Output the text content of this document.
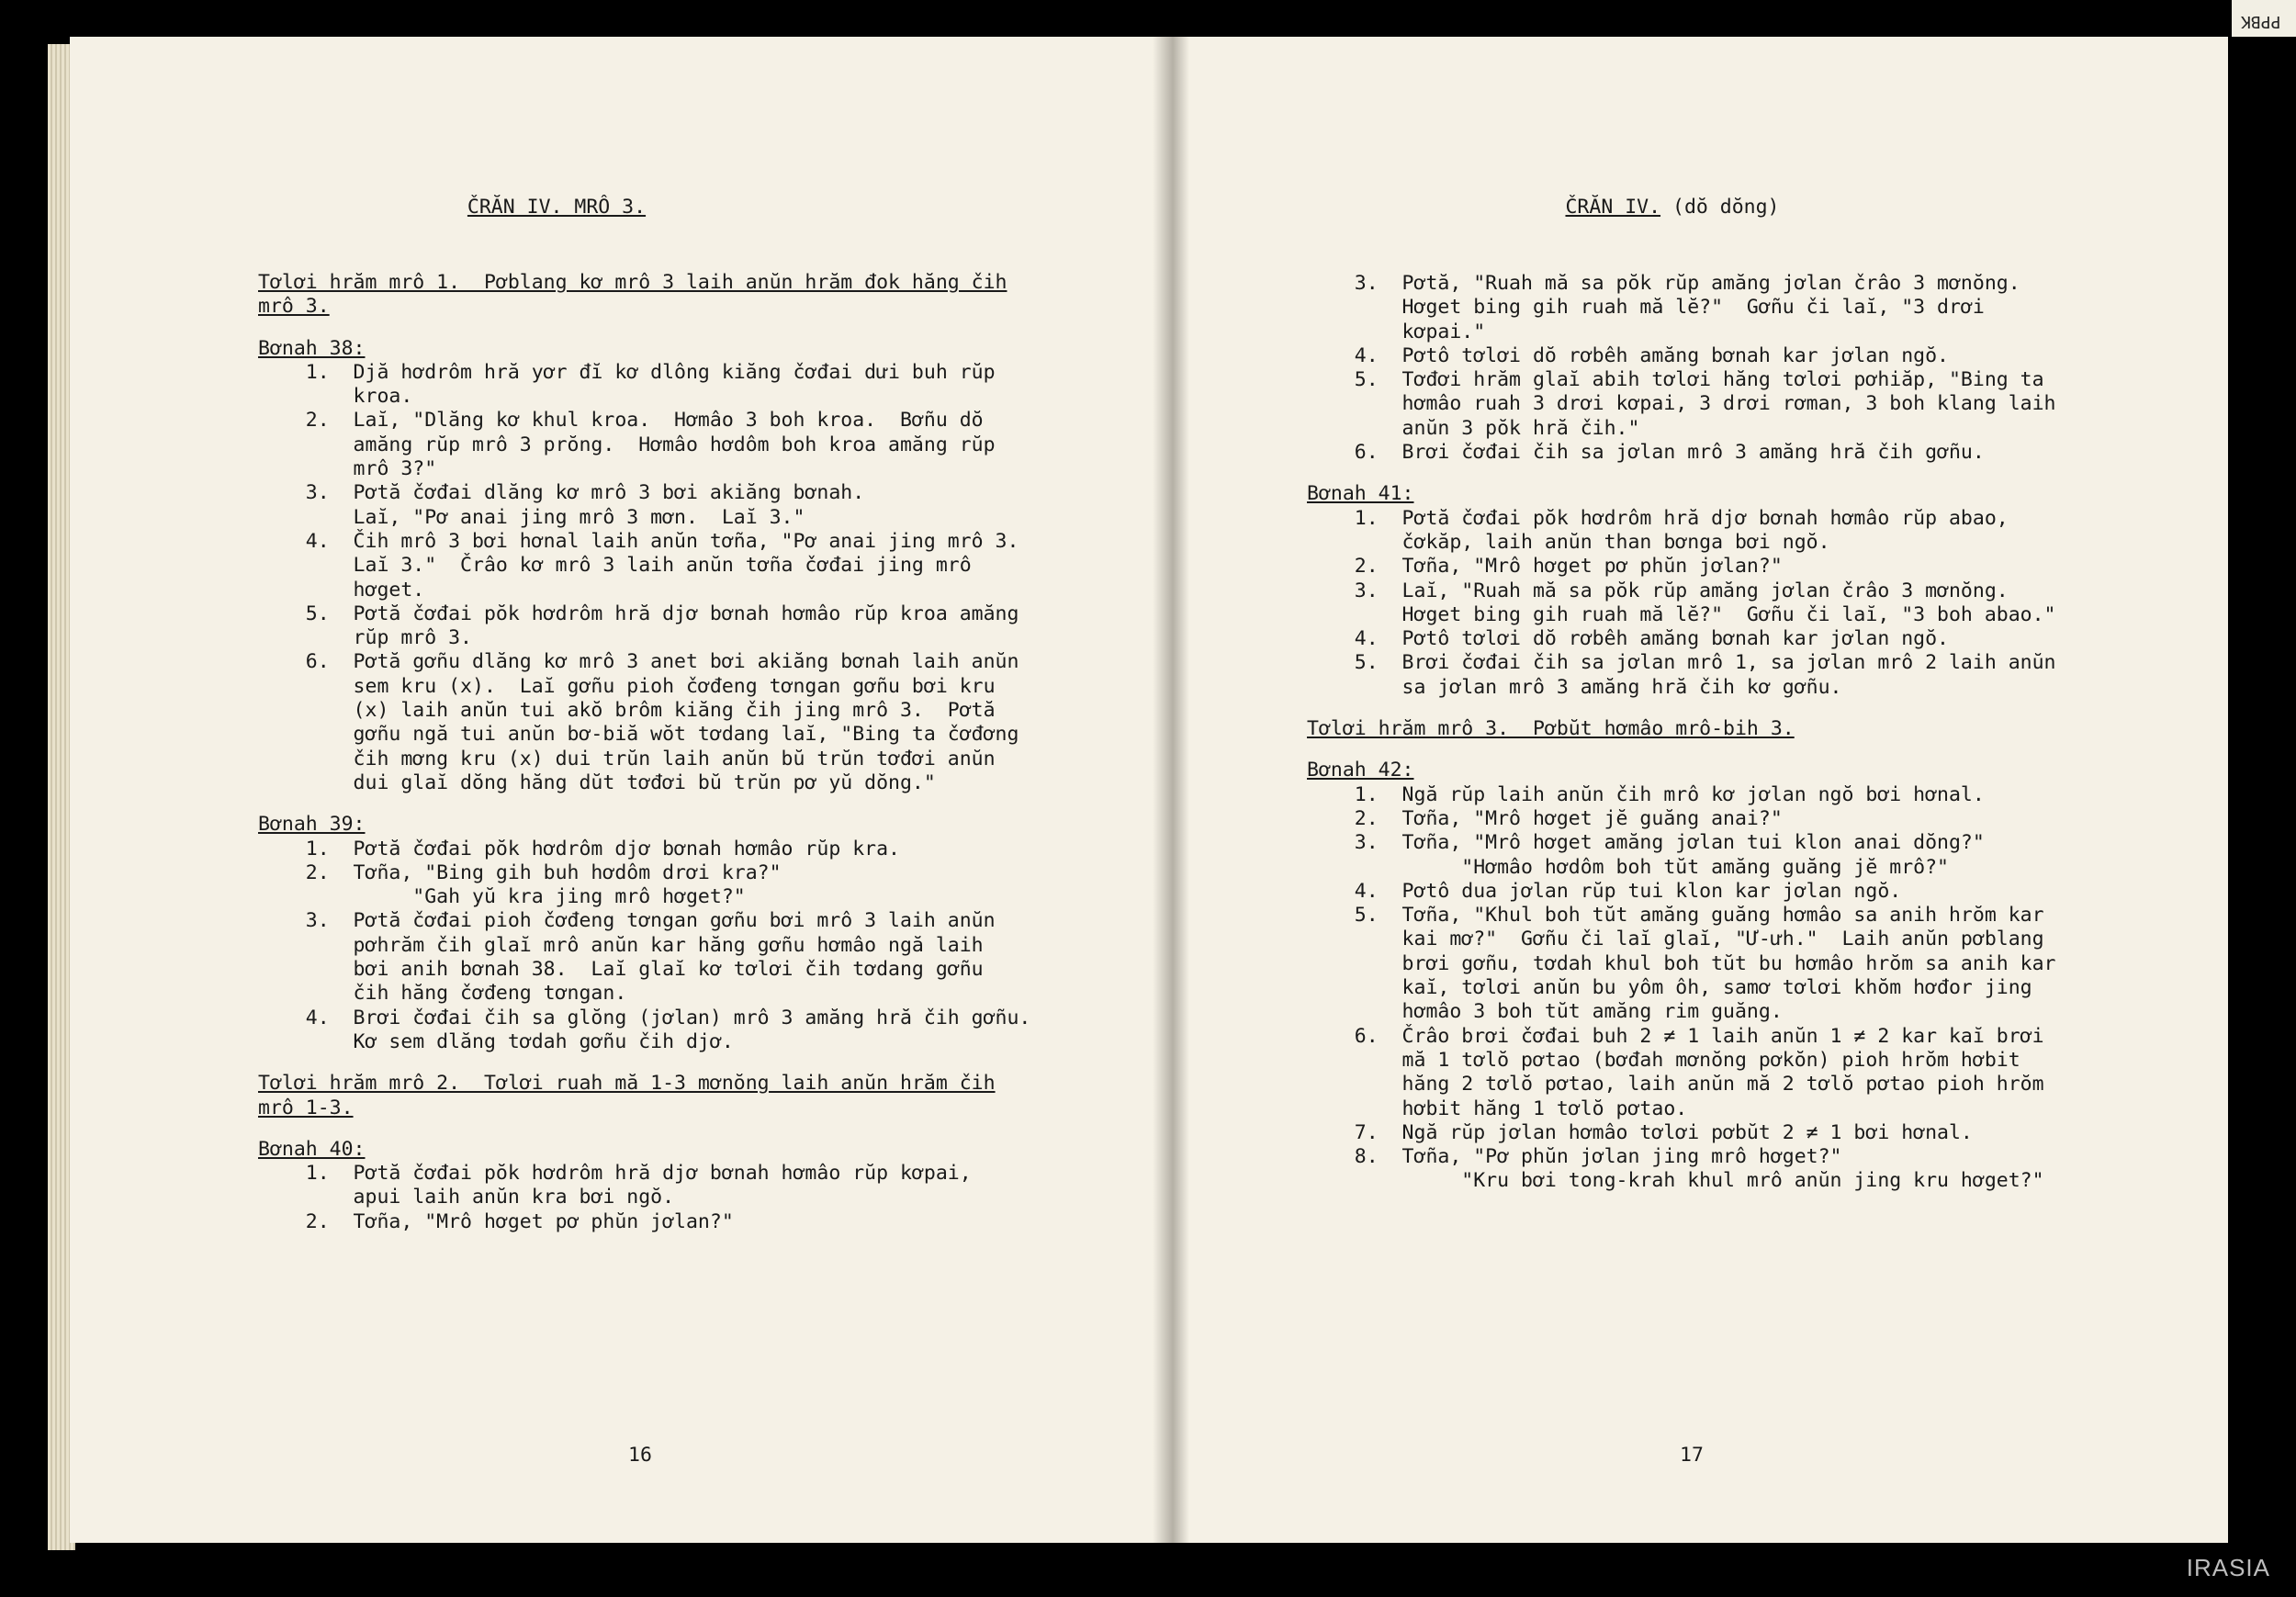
ČRĂN IV. MRÔ 3.
Tơlơi hrăm mrô 1.  Pơblang kơ mrô 3 laih anŭn hrăm đok hăng čih
mrô 3.
Bơnah 38:
1.  Djă hơdrôm hră yơr đĭ kơ dlông kiăng čơđai dưi buh rŭp
kroa.
2.  Laĭ, "Dlăng kơ khul kroa.  Hơmâo 3 boh kroa.  Bơñu dŏ
amăng rŭp mrô 3 prŏng.  Hơmâo hơdôm boh kroa amăng rŭp
mrô 3?"
3.  Pơtă čơđai dlăng kơ mrô 3 bơi akiăng bơnah.
Laĭ, "Pơ anai jing mrô 3 mơn.  Laĭ 3."
4.  Čih mrô 3 bơi hơnal laih anŭn tơña, "Pơ anai jing mrô 3.
Laĭ 3."  Črâo kơ mrô 3 laih anŭn tơña čơđai jing mrô
hơget.
5.  Pơtă čơđai pŏk hơdrôm hră djơ bơnah hơmâo rŭp kroa amăng
rŭp mrô 3.
6.  Pơtă gơñu dlăng kơ mrô 3 anet bơi akiăng bơnah laih anŭn
sem kru (x).  Laĭ gơñu pioh čơđeng tơngan gơñu bơi kru
(x) laih anŭn tui akŏ brôm kiăng čih jing mrô 3.  Pơtă
gơñu ngă tui anŭn bơ-biă wŏt tơdang laĭ, "Bing ta čơđơng
čih mơng kru (x) dui trŭn laih anŭn bŭ trŭn tơđơi anŭn
dui glaĭ dŏng hăng dŭt tơđơi bŭ trŭn pơ yŭ dŏng."
Bơnah 39:
1.  Pơtă čơđai pŏk hơdrôm djơ bơnah hơmâo rŭp kra.
2.  Tơña, "Bing gih buh hơdôm drơi kra?"
"Gah yŭ kra jing mrô hơget?"
3.  Pơtă čơđai pioh čơđeng tơngan gơñu bơi mrô 3 laih anŭn
pơhrăm čih glaĭ mrô anŭn kar hăng gơñu hơmâo ngă laih
bơi anih bơnah 38.  Laĭ glaĭ kơ tơlơi čih tơdang gơñu
čih hăng čơđeng tơngan.
4.  Brơi čơđai čih sa glŏng (jơlan) mrô 3 amăng hră čih gơñu.
Kơ sem dlăng tơdah gơñu čih djơ.
Tơlơi hrăm mrô 2.  Tơlơi ruah mă 1-3 mơnŏng laih anŭn hrăm čih
mrô 1-3.
Bơnah 40:
1.  Pơtă čơđai pŏk hơdrôm hră djơ bơnah hơmâo rŭp kơpai,
apui laih anŭn kra bơi ngŏ.
2.  Tơña, "Mrô hơget pơ phŭn jơlan?"
16
ČRĂN IV. (dŏ dŏng)
3.  Pơtă, "Ruah mă sa pŏk rŭp amăng jơlan črâo 3 mơnŏng.
Hơget bing gih ruah mă lĕ?"  Gơñu či laĭ, "3 drơi
kơpai."
4.  Pơtô tơlơi dŏ rơbêh amăng bơnah kar jơlan ngŏ.
5.  Tơđơi hrăm glaĭ abih tơlơi hăng tơlơi pơhiăp, "Bing ta
hơmâo ruah 3 drơi kơpai, 3 drơi rơman, 3 boh klang laih
anŭn 3 pŏk hră čih."
6.  Brơi čơđai čih sa jơlan mrô 3 amăng hră čih gơñu.
Bơnah 41:
1.  Pơtă čơđai pŏk hơdrôm hră djơ bơnah hơmâo rŭp abao,
čơkăp, laih anŭn than bơnga bơi ngŏ.
2.  Tơña, "Mrô hơget pơ phŭn jơlan?"
3.  Laĭ, "Ruah mă sa pŏk rŭp amăng jơlan črâo 3 mơnŏng.
Hơget bing gih ruah mă lĕ?"  Gơñu či laĭ, "3 boh abao."
4.  Pơtô tơlơi dŏ rơbêh amăng bơnah kar jơlan ngŏ.
5.  Brơi čơđai čih sa jơlan mrô 1, sa jơlan mrô 2 laih anŭn
sa jơlan mrô 3 amăng hră čih kơ gơñu.
Tơlơi hrăm mrô 3.  Pơbŭt hơmâo mrô-bih 3.
Bơnah 42:
1.  Ngă rŭp laih anŭn čih mrô kơ jơlan ngŏ bơi hơnal.
2.  Tơña, "Mrô hơget jĕ guăng anai?"
3.  Tơña, "Mrô hơget amăng jơlan tui klon anai dŏng?"
"Hơmâo hơdôm boh tŭt amăng guăng jĕ mrô?"
4.  Pơtô dua jơlan rŭp tui klon kar jơlan ngŏ.
5.  Tơña, "Khul boh tŭt amăng guăng hơmâo sa anih hrŏm kar
kai mơ?"  Gơñu či laĭ glaĭ, "Ư-ưh."  Laih anŭn pơblang
brơi gơñu, tơdah khul boh tŭt bu hơmâo hrŏm sa anih kar
kaĭ, tơlơi anŭn bu yôm ôh, samơ tơlơi khŏm hơđor jing
hơmâo 3 boh tŭt amăng rim guăng.
6.  Črâo brơi čơđai buh 2 ≠ 1 laih anŭn 1 ≠ 2 kar kaĭ brơi
mă 1 tơlŏ pơtao (bơđah mơnŏng pơkŏn) pioh hrŏm hơbit
hăng 2 tơlŏ pơtao, laih anŭn mă 2 tơlŏ pơtao pioh hrŏm
hơbit hăng 1 tơlŏ pơtao.
7.  Ngă rŭp jơlan hơmâo tơlơi pơbŭt 2 ≠ 1 bơi hơnal.
8.  Tơña, "Pơ phŭn jơlan jing mrô hơget?"
"Kru bơi tong-krah khul mrô anŭn jing kru hơget?"
17
PPBK
IRASIA
